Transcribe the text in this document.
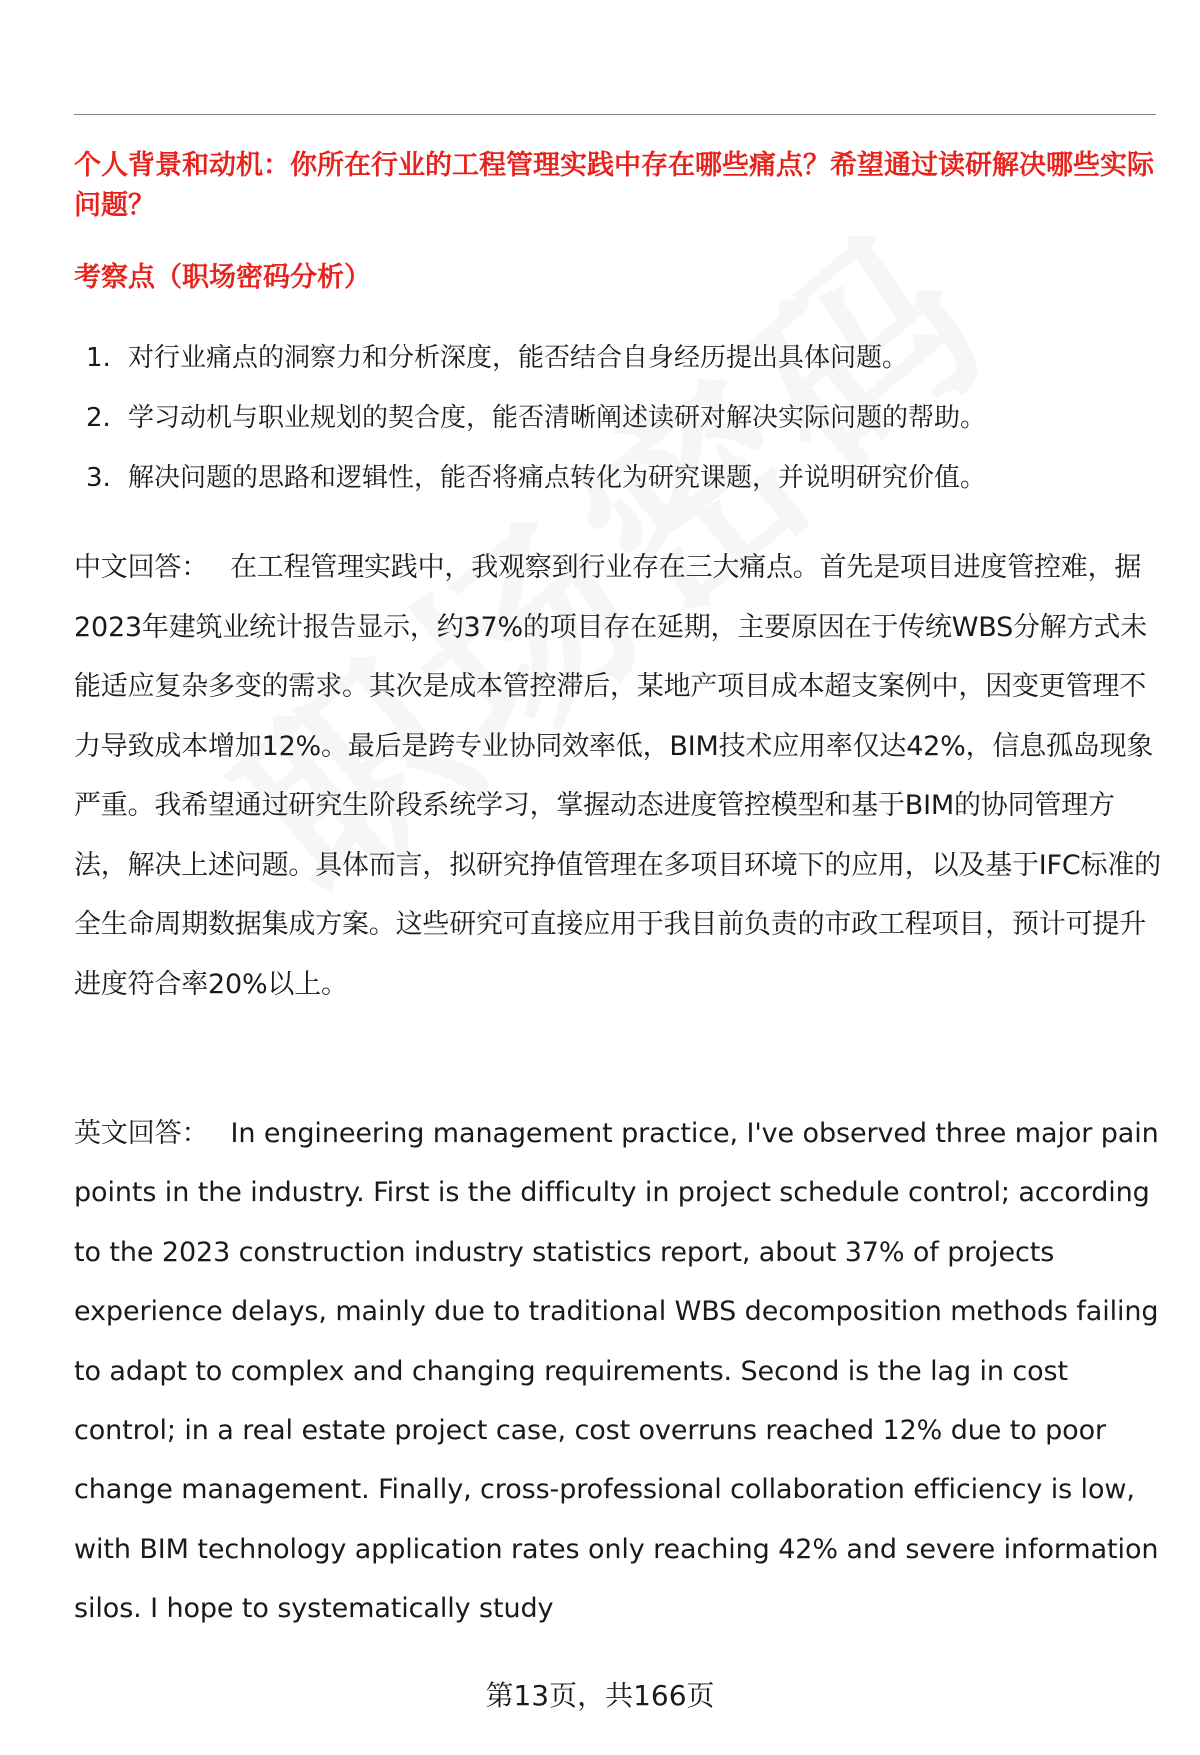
个人背景和动机：你所在行业的工程管理实践中存在哪些痛点？希望通过读研解决哪些实际问题？

考察点（职场密码分析）

1. 对行业痛点的洞察力和分析深度，能否结合自身经历提出具体问题。
2. 学习动机与职业规划的契合度，能否清晰阐述读研对解决实际问题的帮助。
3. 解决问题的思路和逻辑性，能否将痛点转化为研究课题，并说明研究价值。

中文回答： 在工程管理实践中，我观察到行业存在三大痛点。首先是项目进度管控难，据2023年建筑业统计报告显示，约37%的项目存在延期，主要原因在于传统WBS分解方式未能适应复杂多变的需求。其次是成本管控滞后，某地产项目成本超支案例中，因变更管理不力导致成本增加12%。最后是跨专业协同效率低，BIM技术应用率仅达42%，信息孤岛现象严重。我希望通过研究生阶段系统学习，掌握动态进度管控模型和基于BIM的协同管理方法，解决上述问题。具体而言，拟研究挣值管理在多项目环境下的应用，以及基于IFC标准的全生命周期数据集成方案。这些研究可直接应用于我目前负责的市政工程项目，预计可提升进度符合率20%以上。

英文回答： In engineering management practice, I've observed three major pain points in the industry. First is the difficulty in project schedule control; according to the 2023 construction industry statistics report, about 37% of projects experience delays, mainly due to traditional WBS decomposition methods failing to adapt to complex and changing requirements. Second is the lag in cost control; in a real estate project case, cost overruns reached 12% due to poor change management. Finally, cross-professional collaboration efficiency is low, with BIM technology application rates only reaching 42% and severe information silos. I hope to systematically study

第13页，共166页
